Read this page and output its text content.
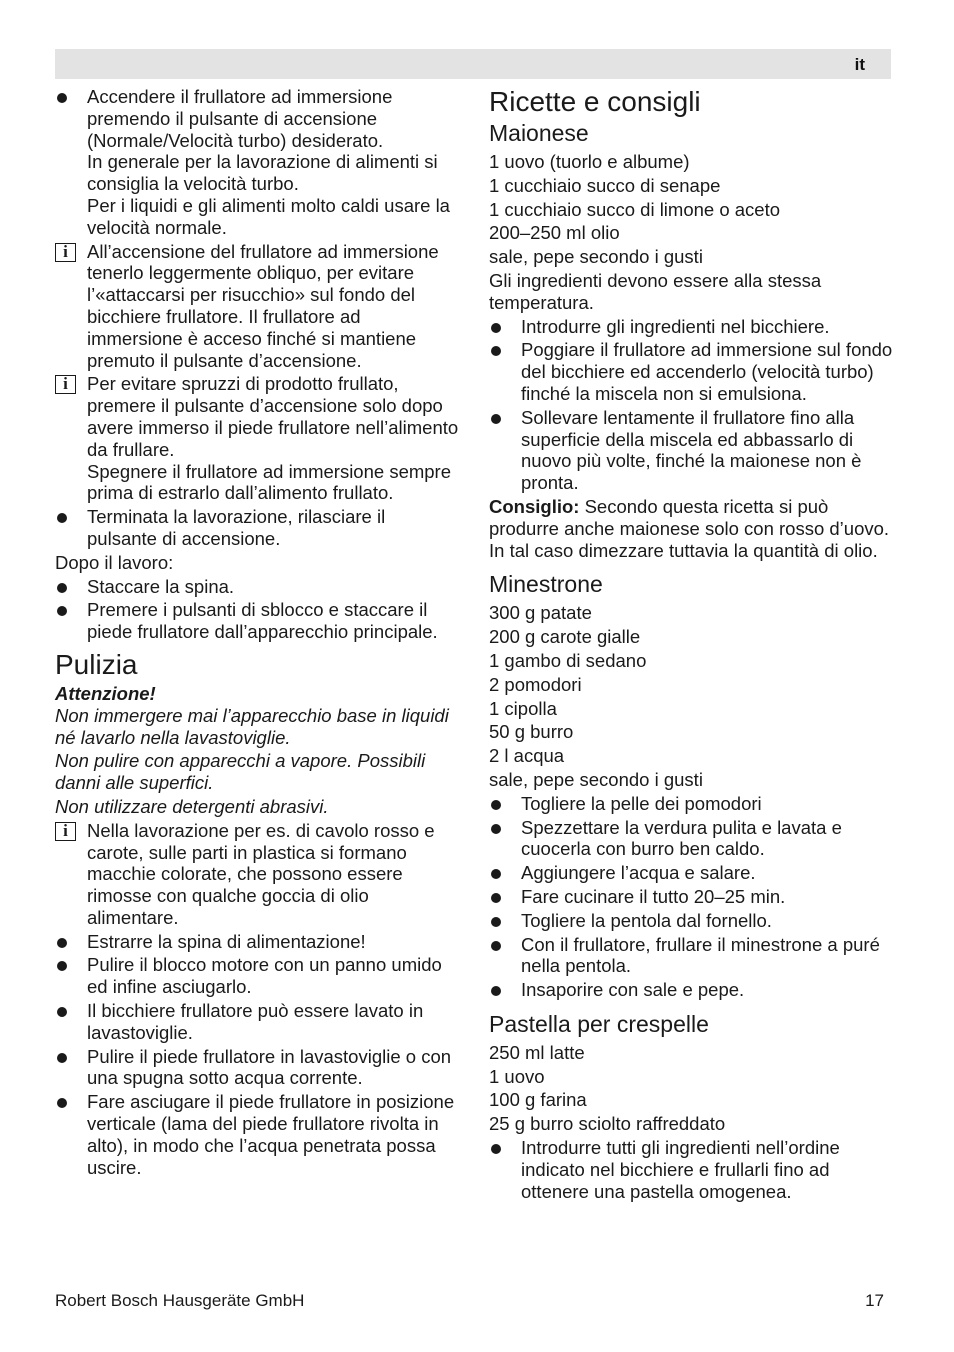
it
Accendere il frullatore ad immersione premendo il pulsante di accensione (Normale/Velocità turbo) desiderato.
In generale per la lavorazione di alimenti si consiglia la velocità turbo.
Per i liquidi e gli alimenti molto caldi usare la velocità normale.
i	All’accensione del frullatore ad immersione tenerlo leggermente obliquo, per evitare l’«attaccarsi per risucchio» sul fondo del bicchiere frullatore. Il frullatore ad immersione è acceso finché si mantiene premuto il pulsante d’accensione.
i	Per evitare spruzzi di prodotto frullato, premere il pulsante d’accensione solo dopo avere immerso il piede frullatore nell’alimento da frullare.
Spegnere il frullatore ad immersione sempre prima di estrarlo dall’alimento frullato.
Terminata la lavorazione, rilasciare il pulsante di accensione.
Dopo il lavoro:
Staccare la spina.
Premere i pulsanti di sblocco e staccare il piede frullatore dall’apparecchio principale.
Pulizia
Attenzione!
Non immergere mai l’apparecchio base in liquidi né lavarlo nella lavastoviglie.
Non pulire con apparecchi a vapore. Possibili danni alle superfici.
Non utilizzare detergenti abrasivi.
i	Nella lavorazione per es. di cavolo rosso e carote, sulle parti in plastica si formano macchie colorate, che possono essere rimosse con qualche goccia di olio alimentare.
Estrarre la spina di alimentazione!
Pulire il blocco motore con un panno umido ed infine asciugarlo.
Il bicchiere frullatore può essere lavato in lavastoviglie.
Pulire il piede frullatore in lavastoviglie o con una spugna sotto acqua corrente.
Fare asciugare il piede frullatore in posizione verticale (lama del piede frullatore rivolta in alto), in modo che l’acqua penetrata possa uscire.
Ricette e consigli
Maionese
1 uovo (tuorlo e albume)
1 cucchiaio succo di senape
1 cucchiaio succo di limone o aceto
200–250 ml olio
sale, pepe secondo i gusti
Gli ingredienti devono essere alla stessa temperatura.
Introdurre gli ingredienti nel bicchiere.
Poggiare il frullatore ad immersione sul fondo del bicchiere ed accenderlo (velocità turbo) finché la miscela non si emulsiona.
Sollevare lentamente il frullatore fino alla superficie della miscela ed abbassarlo di nuovo più volte, finché la maionese non è pronta.
Consiglio: Secondo questa ricetta si può produrre anche maionese solo con rosso d’uovo. In tal caso dimezzare tuttavia la quantità di olio.
Minestrone
300 g patate
200 g carote gialle
1 gambo di sedano
2 pomodori
1 cipolla
50 g burro
2 l acqua
sale, pepe secondo i gusti
Togliere la pelle dei pomodori
Spezzettare la verdura pulita e lavata e cuocerla con burro ben caldo.
Aggiungere l’acqua e salare.
Fare cucinare il tutto 20–25 min.
Togliere la pentola dal fornello.
Con il frullatore, frullare il minestrone a puré nella pentola.
Insaporire con sale e pepe.
Pastella per crespelle
250 ml latte
1 uovo
100 g farina
25 g burro sciolto raffreddato
Introdurre tutti gli ingredienti nell’ordine indicato nel bicchiere e frullarli fino ad ottenere una pastella omogenea.
Robert Bosch Hausgeräte GmbH	17
